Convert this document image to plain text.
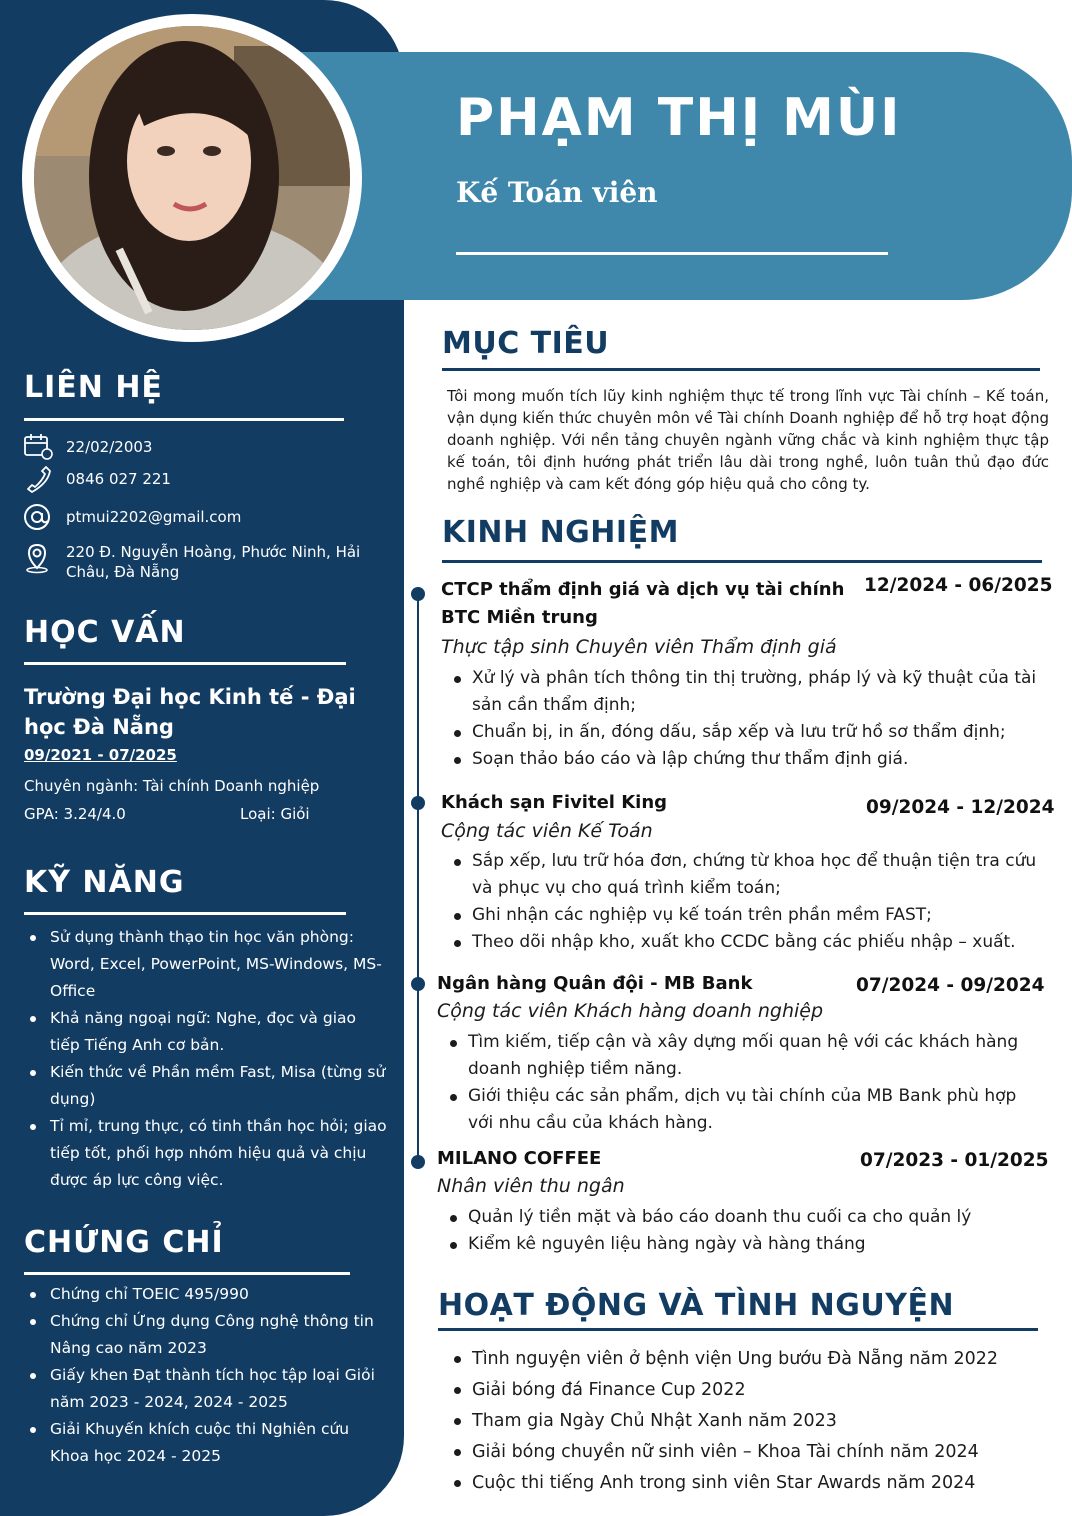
PHẠM THỊ MÙI
Kế Toán viên
LIÊN HỆ
22/02/2003
0846 027 221
ptmui2202@gmail.com
220 Đ. Nguyễn Hoàng, Phước Ninh, Hải Châu, Đà Nẵng
HỌC VẤN
Trường Đại học Kinh tế - Đại học Đà Nẵng
09/2021 - 07/2025
Chuyên ngành: Tài chính Doanh nghiệp
GPA: 3.24/4.0	Loại: Giỏi
KỸ NĂNG
Sử dụng thành thạo tin học văn phòng: Word, Excel, PowerPoint, MS-Windows, MS-Office
Khả năng ngoại ngữ: Nghe, đọc và giao tiếp Tiếng Anh cơ bản.
Kiến thức về Phần mềm Fast, Misa (từng sử dụng)
Tỉ mỉ, trung thực, có tinh thần học hỏi; giao tiếp tốt, phối hợp nhóm hiệu quả và chịu được áp lực công việc.
CHỨNG CHỈ
Chứng chỉ TOEIC 495/990
Chứng chỉ Ứng dụng Công nghệ thông tin Nâng cao năm 2023
Giấy khen Đạt thành tích học tập loại Giỏi năm 2023 - 2024, 2024 - 2025
Giải Khuyến khích cuộc thi Nghiên cứu Khoa học 2024 - 2025
MỤC TIÊU
Tôi mong muốn tích lũy kinh nghiệm thực tế trong lĩnh vực Tài chính – Kế toán, vận dụng kiến thức chuyên môn về Tài chính Doanh nghiệp để hỗ trợ hoạt động doanh nghiệp. Với nền tảng chuyên ngành vững chắc và kinh nghiệm thực tập kế toán, tôi định hướng phát triển lâu dài trong nghề, luôn tuân thủ đạo đức nghề nghiệp và cam kết đóng góp hiệu quả cho công ty.
KINH NGHIỆM
CTCP thẩm định giá và dịch vụ tài chính BTC Miền trung
12/2024 - 06/2025
Thực tập sinh Chuyên viên Thẩm định giá
Xử lý và phân tích thông tin thị trường, pháp lý và kỹ thuật của tài sản cần thẩm định;
Chuẩn bị, in ấn, đóng dấu, sắp xếp và lưu trữ hồ sơ thẩm định;
Soạn thảo báo cáo và lập chứng thư thẩm định giá.
Khách sạn Fivitel King	09/2024 - 12/2024
Cộng tác viên Kế Toán
Sắp xếp, lưu trữ hóa đơn, chứng từ khoa học để thuận tiện tra cứu và phục vụ cho quá trình kiểm toán;
Ghi nhận các nghiệp vụ kế toán trên phần mềm FAST;
Theo dõi nhập kho, xuất kho CCDC bằng các phiếu nhập – xuất.
Ngân hàng Quân đội - MB Bank	07/2024 - 09/2024
Cộng tác viên Khách hàng doanh nghiệp
Tìm kiếm, tiếp cận và xây dựng mối quan hệ với các khách hàng doanh nghiệp tiềm năng.
Giới thiệu các sản phẩm, dịch vụ tài chính của MB Bank phù hợp với nhu cầu của khách hàng.
MILANO COFFEE	07/2023 - 01/2025
Nhân viên thu ngân
Quản lý tiền mặt và báo cáo doanh thu cuối ca cho quản lý
Kiểm kê nguyên liệu hàng ngày và hàng tháng
HOẠT ĐỘNG VÀ TÌNH NGUYỆN
Tình nguyện viên ở bệnh viện Ung bướu Đà Nẵng năm 2022
Giải bóng đá Finance Cup 2022
Tham gia Ngày Chủ Nhật Xanh năm 2023
Giải bóng chuyền nữ sinh viên – Khoa Tài chính năm 2024
Cuộc thi tiếng Anh trong sinh viên Star Awards năm 2024
